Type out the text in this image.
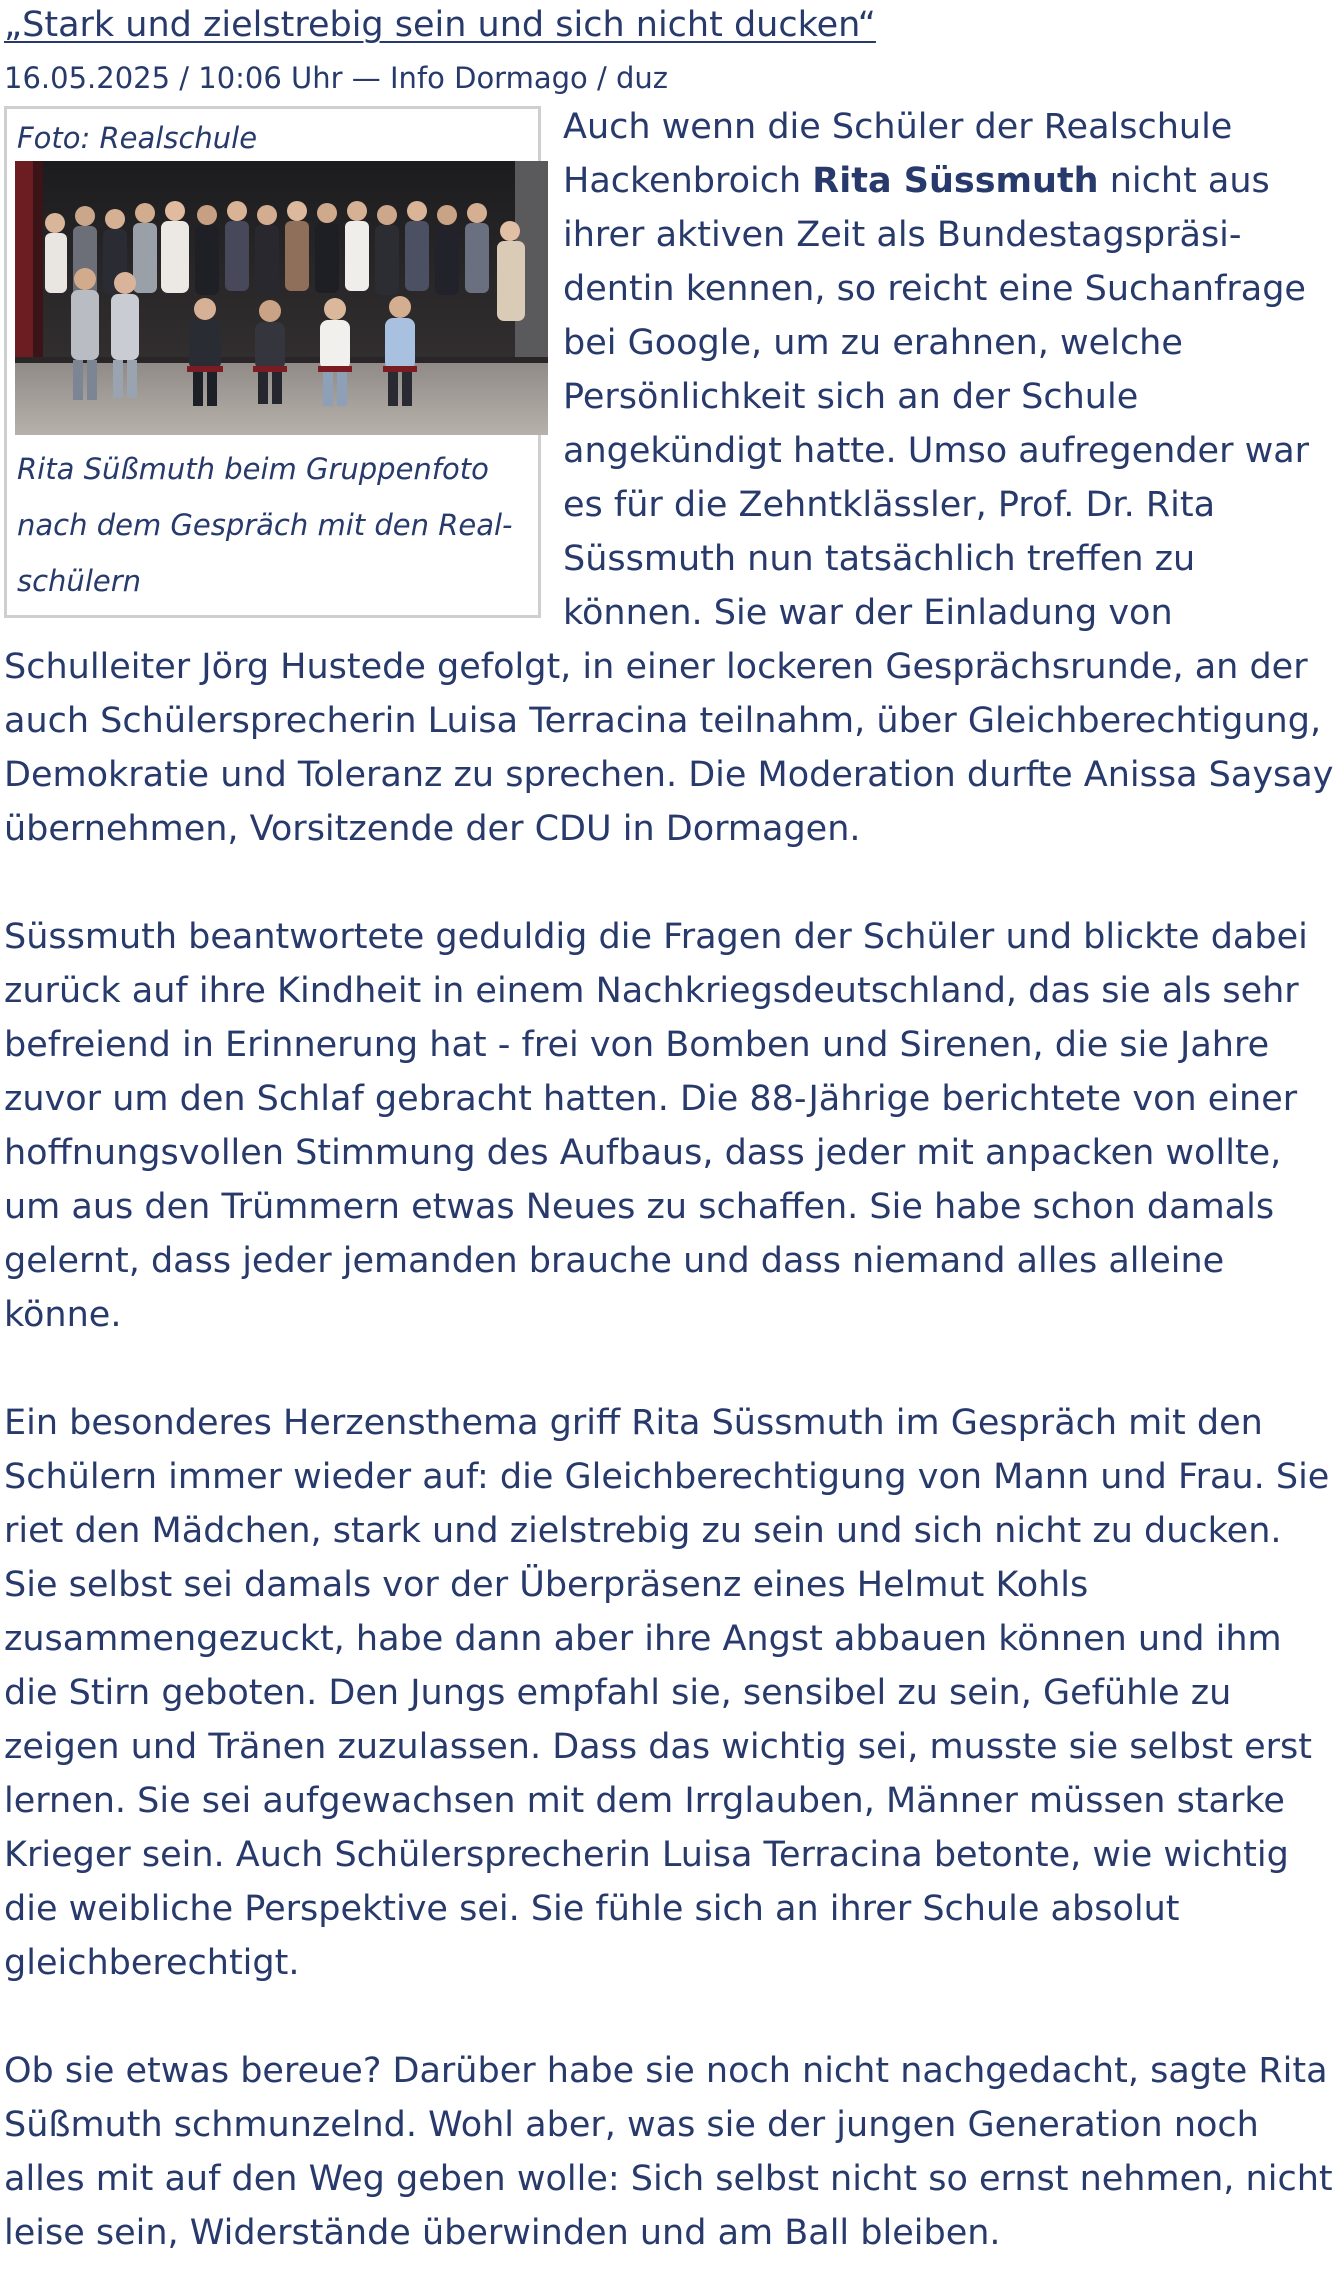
„Stark und zielstrebig sein und sich nicht ducken“
16.05.2025 / 10:06 Uhr — Info Dormago / duz
Foto: Realschule
Rita Süßmuth beim Gruppenfoto
nach dem Gespräch mit den Real-
schülern

Auch wenn die Schüler der Realschule Hackenbroich Rita Süssmuth nicht aus ihrer aktiven Zeit als Bundestagspräsidentin kennen, so reicht eine Suchanfrage bei Google, um zu erahnen, welche Persönlichkeit sich an der Schule angekündigt hatte. Umso aufregender war es für die Zehntklässler, Prof. Dr. Rita Süssmuth nun tatsächlich treffen zu können. Sie war der Einladung von Schulleiter Jörg Hustede gefolgt, in einer lockeren Gesprächsrunde, an der auch Schülersprecherin Luisa Terracina teilnahm, über Gleichberechtigung, Demokratie und Toleranz zu sprechen. Die Moderation durfte Anissa Saysay übernehmen, Vorsitzende der CDU in Dormagen.

Süssmuth beantwortete geduldig die Fragen der Schüler und blickte dabei zurück auf ihre Kindheit in einem Nachkriegsdeutschland, das sie als sehr befreiend in Erinnerung hat - frei von Bomben und Sirenen, die sie Jahre zuvor um den Schlaf gebracht hatten. Die 88-Jährige berichtete von einer hoffnungsvollen Stimmung des Aufbaus, dass jeder mit anpacken wollte, um aus den Trümmern etwas Neues zu schaffen. Sie habe schon damals gelernt, dass jeder jemanden brauche und dass niemand alles alleine könne.

Ein besonderes Herzensthema griff Rita Süssmuth im Gespräch mit den Schülern immer wieder auf: die Gleichberechtigung von Mann und Frau. Sie riet den Mädchen, stark und zielstrebig zu sein und sich nicht zu ducken. Sie selbst sei damals vor der Überpräsenz eines Helmut Kohls zusammengezuckt, habe dann aber ihre Angst abbauen können und ihm die Stirn geboten. Den Jungs empfahl sie, sensibel zu sein, Gefühle zu zeigen und Tränen zuzulassen. Dass das wichtig sei, musste sie selbst erst lernen. Sie sei aufgewachsen mit dem Irrglauben, Männer müssen starke Krieger sein. Auch Schülersprecherin Luisa Terracina betonte, wie wichtig die weibliche Perspektive sei. Sie fühle sich an ihrer Schule absolut gleichberechtigt.

Ob sie etwas bereue? Darüber habe sie noch nicht nachgedacht, sagte Rita Süßmuth schmunzelnd. Wohl aber, was sie der jungen Generation noch alles mit auf den Weg geben wolle: Sich selbst nicht so ernst nehmen, nicht leise sein, Widerstände überwinden und am Ball bleiben.
